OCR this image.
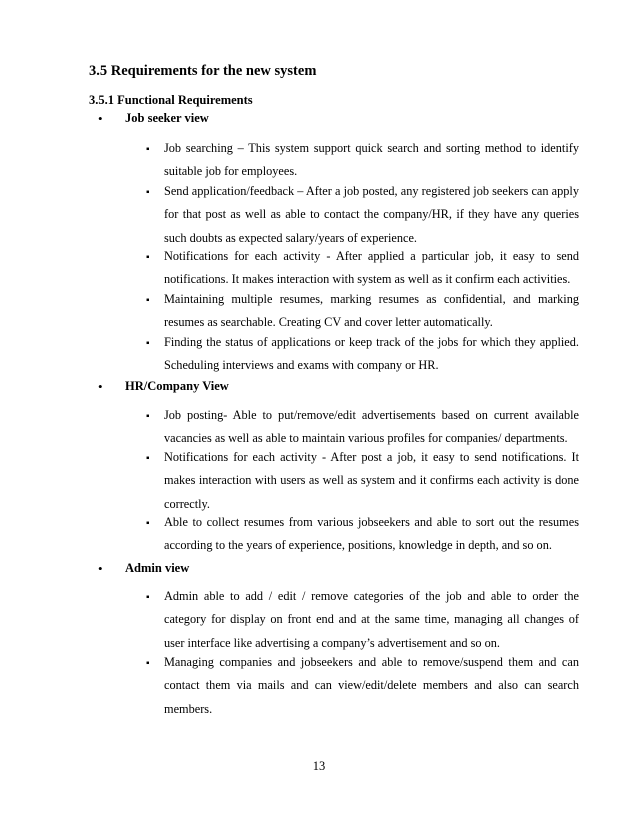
3.5 Requirements for the new system
3.5.1 Functional Requirements
• Job seeker view
▪ Job searching – This system support quick search and sorting method to identify suitable job for employees.
▪ Send application/feedback – After a job posted, any registered job seekers can apply for that post as well as able to contact the company/HR, if they have any queries such doubts as expected salary/years of experience.
▪ Notifications for each activity - After applied a particular job, it easy to send notifications. It makes interaction with system as well as it confirm each activities.
▪ Maintaining multiple resumes, marking resumes as confidential, and marking resumes as searchable. Creating CV and cover letter automatically.
▪ Finding the status of applications or keep track of the jobs for which they applied. Scheduling interviews and exams with company or HR.
• HR/Company View
▪ Job posting- Able to put/remove/edit advertisements based on current available vacancies as well as able to maintain various profiles for companies/ departments.
▪ Notifications for each activity - After post a job, it easy to send notifications. It makes interaction with users as well as system and it confirms each activity is done correctly.
▪ Able to collect resumes from various jobseekers and able to sort out the resumes according to the years of experience, positions, knowledge in depth, and so on.
• Admin view
▪ Admin able to add / edit / remove categories of the job and able to order the category for display on front end and at the same time, managing all changes of user interface like advertising a company’s advertisement and so on.
▪ Managing companies and jobseekers and able to remove/suspend them and can contact them via mails and can view/edit/delete members and also can search members.
13
